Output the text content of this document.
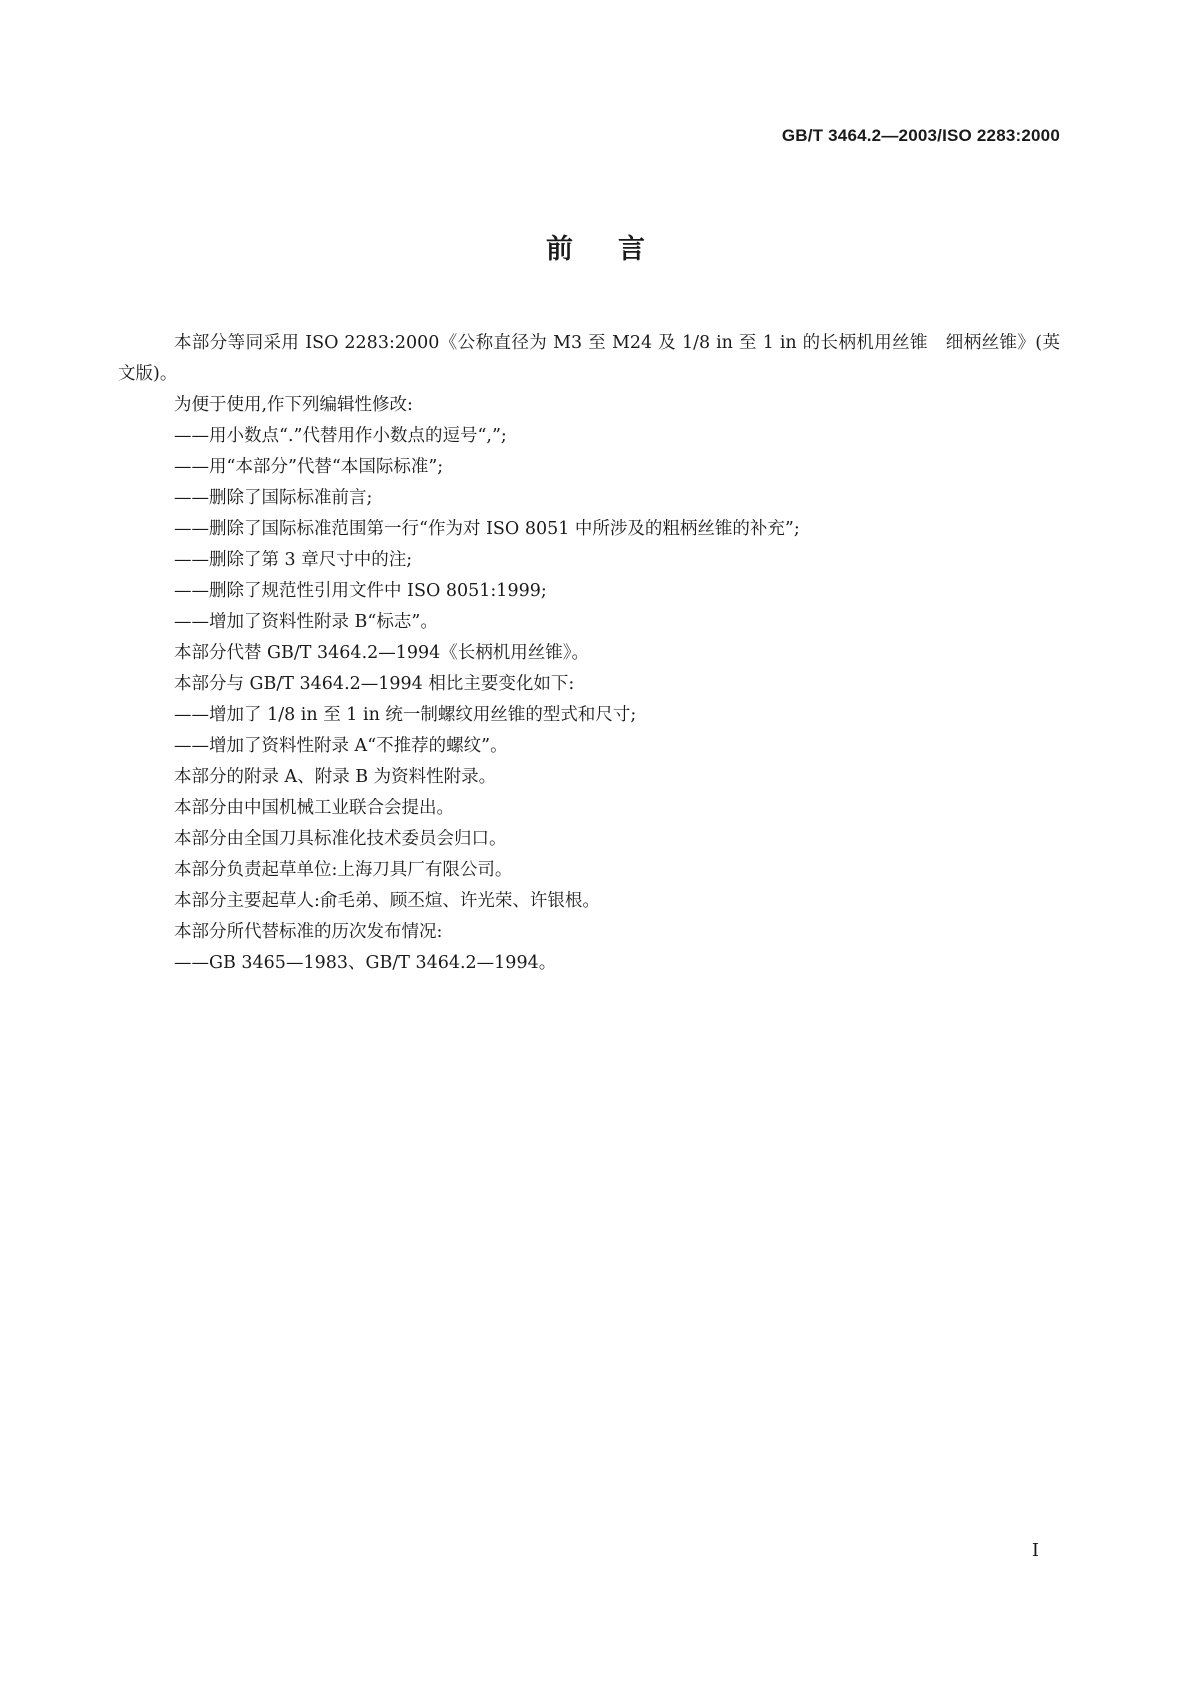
GB/T 3464.2—2003/ISO 2283:2000
前言

本部分等同采用 ISO 2283:2000《公称直径为 M3 至 M24 及 1/8 in 至 1 in 的长柄机用丝锥　细柄丝锥》(英文版)。

为便于使用,作下列编辑性修改:

——用小数点“.”代替用作小数点的逗号“,”;

——用“本部分”代替“本国际标准”;

——删除了国际标准前言;

——删除了国际标准范围第一行“作为对 ISO 8051 中所涉及的粗柄丝锥的补充”;

——删除了第 3 章尺寸中的注;

——删除了规范性引用文件中 ISO 8051:1999;

——增加了资料性附录 B“标志”。

本部分代替 GB/T 3464.2—1994《长柄机用丝锥》。

本部分与 GB/T 3464.2—1994 相比主要变化如下:

——增加了 1/8 in 至 1 in 统一制螺纹用丝锥的型式和尺寸;

——增加了资料性附录 A“不推荐的螺纹”。

本部分的附录 A、附录 B 为资料性附录。

本部分由中国机械工业联合会提出。

本部分由全国刀具标准化技术委员会归口。

本部分负责起草单位:上海刀具厂有限公司。

本部分主要起草人:俞毛弟、顾丕煊、许光荣、许银根。

本部分所代替标准的历次发布情况:

——GB 3465—1983、GB/T 3464.2—1994。

I
